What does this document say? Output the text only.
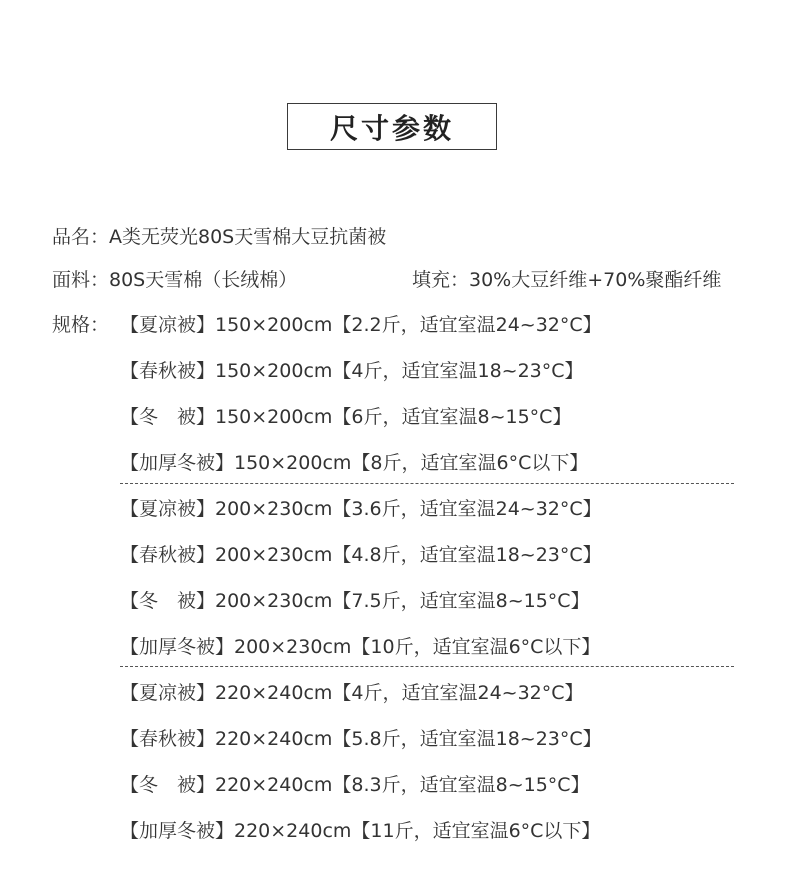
尺寸参数
品名：A类无荧光80S天雪棉大豆抗菌被
面料：80S天雪棉（长绒棉）	填充：30%大豆纤维+70%聚酯纤维
规格： 【夏凉被】150×200cm【2.2斤，适宜室温24~32°C】
【春秋被】150×200cm【4斤，适宜室温18~23°C】
【冬　被】150×200cm【6斤，适宜室温8~15°C】
【加厚冬被】150×200cm【8斤，适宜室温6°C以下】
【夏凉被】200×230cm【3.6斤，适宜室温24~32°C】
【春秋被】200×230cm【4.8斤，适宜室温18~23°C】
【冬　被】200×230cm【7.5斤，适宜室温8~15°C】
【加厚冬被】200×230cm【10斤，适宜室温6°C以下】
【夏凉被】220×240cm【4斤，适宜室温24~32°C】
【春秋被】220×240cm【5.8斤，适宜室温18~23°C】
【冬　被】220×240cm【8.3斤，适宜室温8~15°C】
【加厚冬被】220×240cm【11斤，适宜室温6°C以下】
